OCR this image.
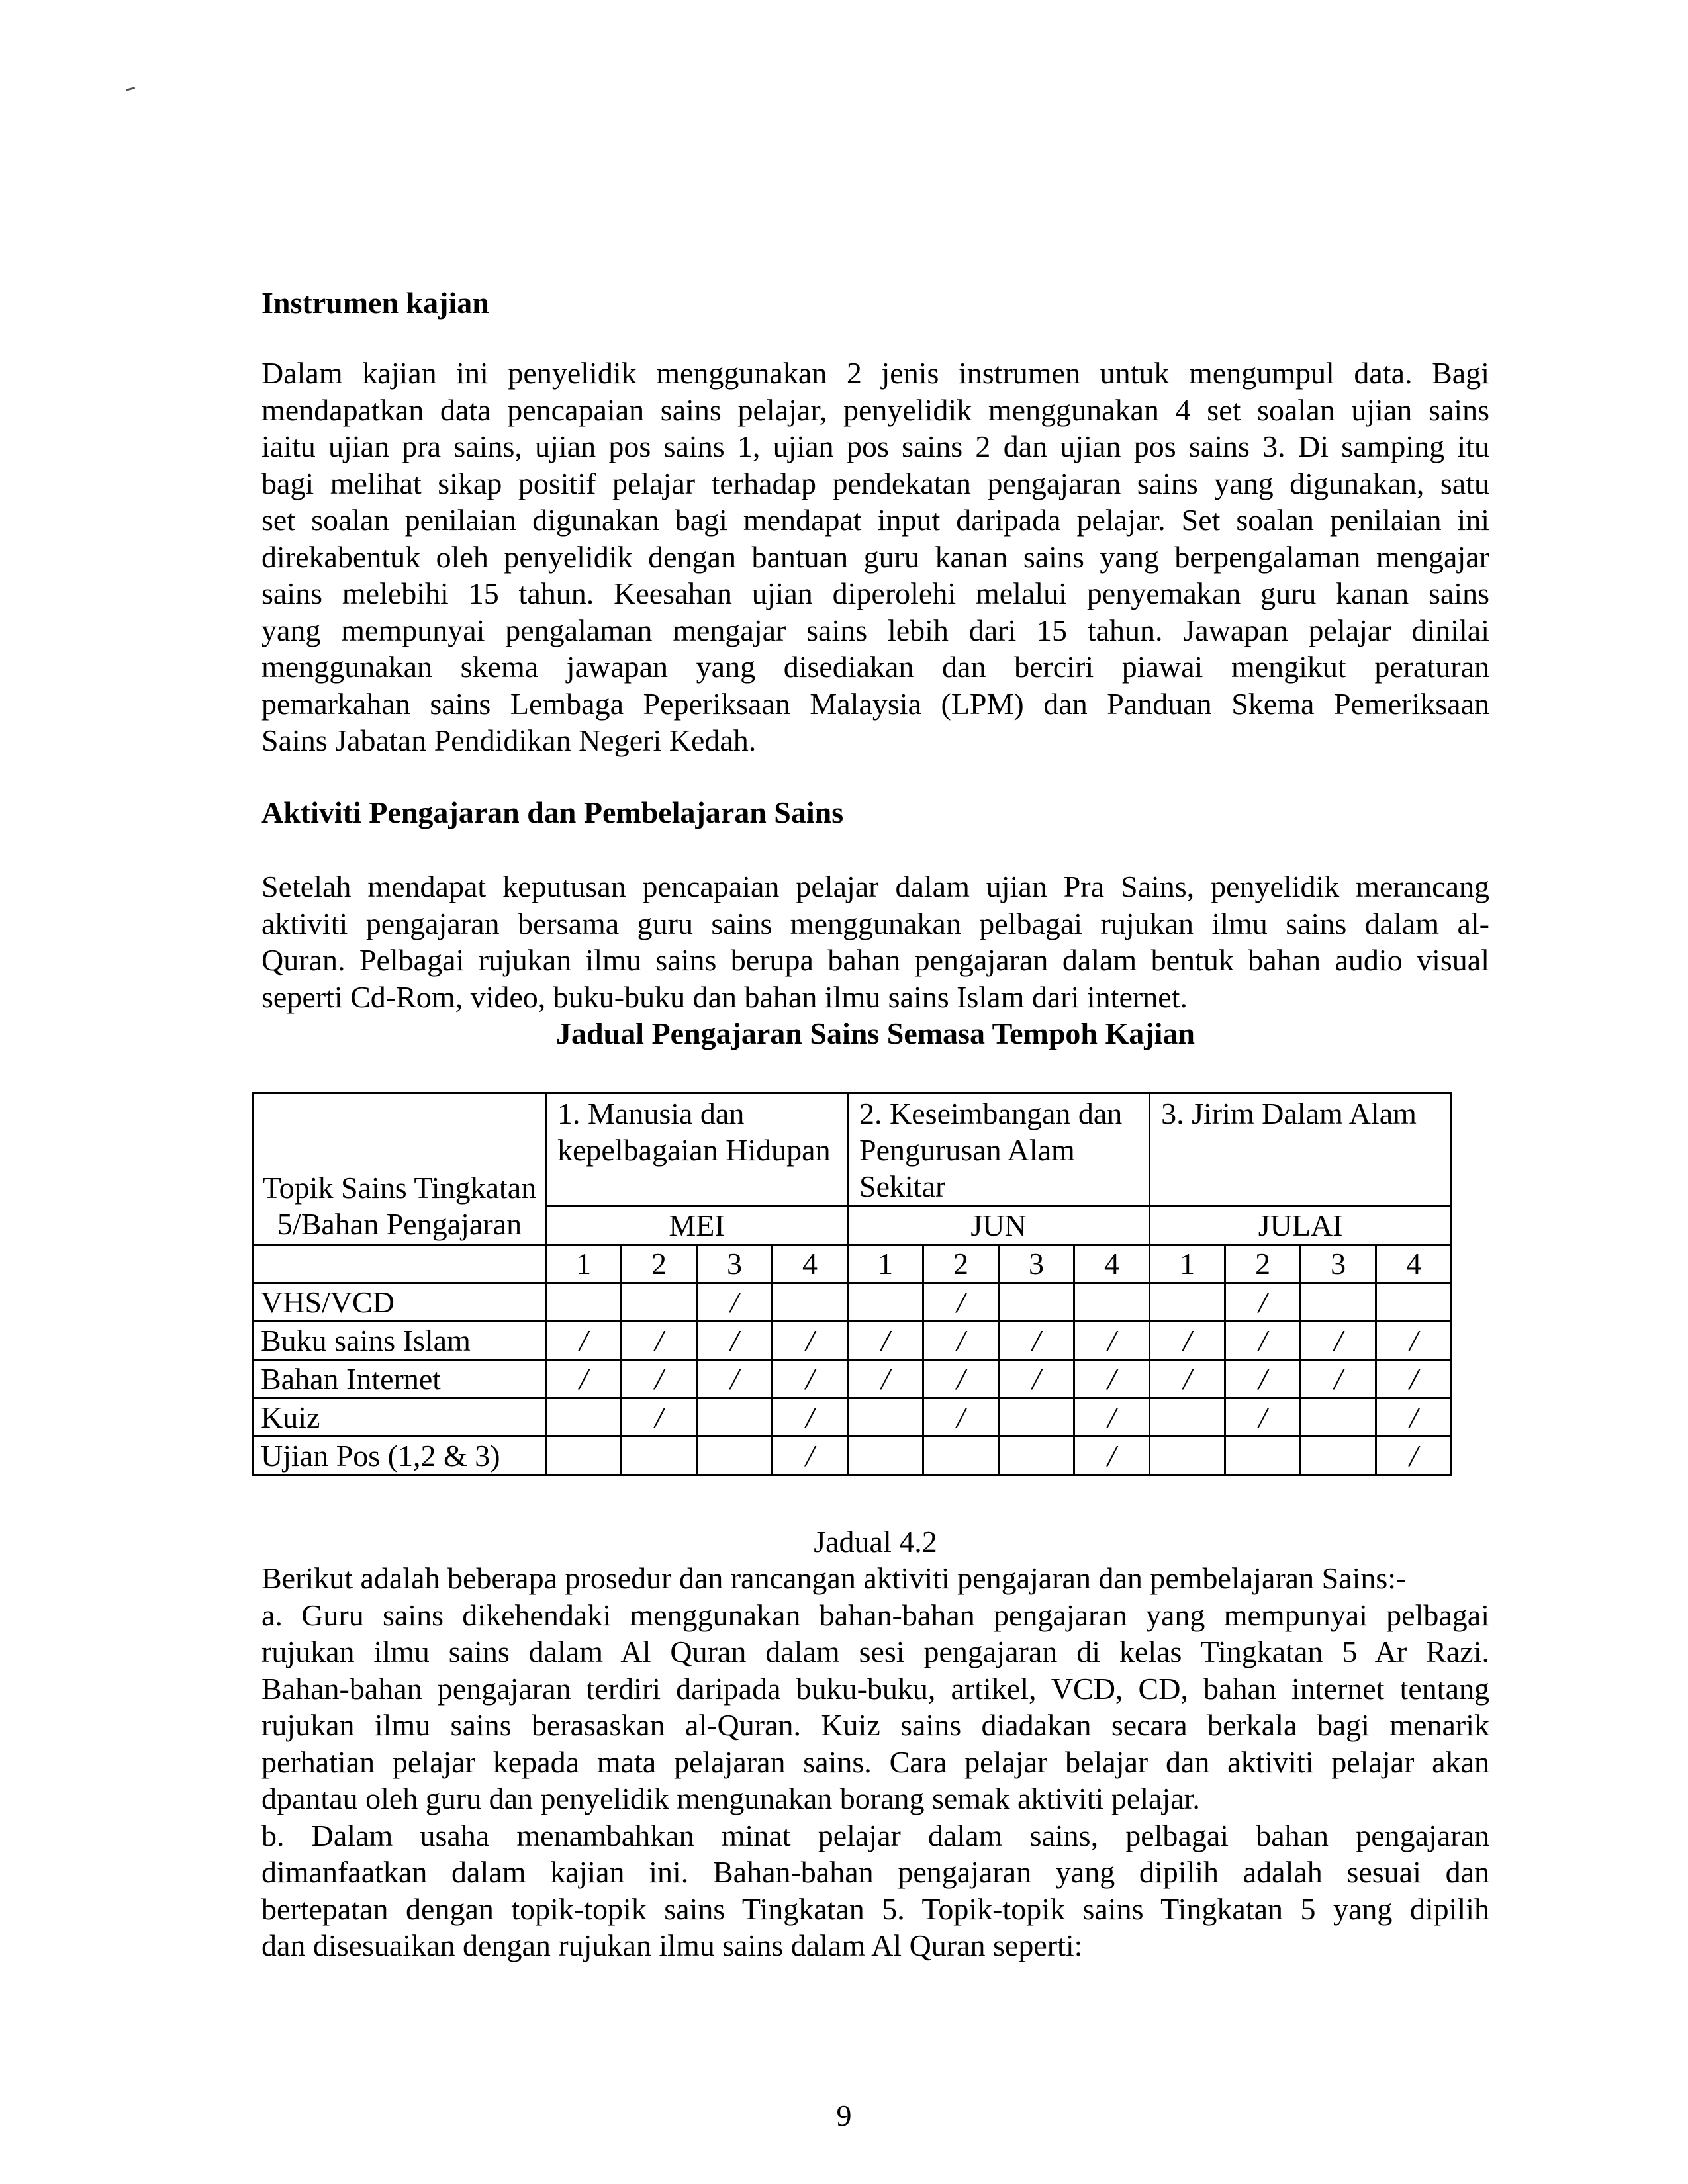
Instrumen kajian
Dalam kajian ini penyelidik menggunakan 2 jenis instrumen untuk mengumpul data. Bagi
mendapatkan data pencapaian sains pelajar, penyelidik menggunakan 4 set soalan ujian sains
iaitu ujian pra sains, ujian pos sains 1, ujian pos sains 2 dan ujian pos sains 3. Di samping itu
bagi melihat sikap positif pelajar terhadap pendekatan pengajaran sains yang digunakan, satu
set soalan penilaian digunakan bagi mendapat input daripada pelajar. Set soalan penilaian ini
direkabentuk oleh penyelidik dengan bantuan guru kanan sains yang berpengalaman mengajar
sains melebihi 15 tahun. Keesahan ujian diperolehi melalui penyemakan guru kanan sains
yang mempunyai pengalaman mengajar sains lebih dari 15 tahun. Jawapan pelajar dinilai
menggunakan skema jawapan yang disediakan dan berciri piawai mengikut peraturan
pemarkahan sains Lembaga Peperiksaan Malaysia (LPM) dan Panduan Skema Pemeriksaan
Sains Jabatan Pendidikan Negeri Kedah.
Aktiviti Pengajaran dan Pembelajaran Sains
Setelah mendapat keputusan pencapaian pelajar dalam ujian Pra Sains, penyelidik merancang
aktiviti pengajaran bersama guru sains menggunakan pelbagai rujukan ilmu sains dalam al-
Quran. Pelbagai rujukan ilmu sains berupa bahan pengajaran dalam bentuk bahan audio visual
seperti Cd-Rom, video, buku-buku dan bahan ilmu sains Islam dari internet.
Jadual Pengajaran Sains Semasa Tempoh Kajian
Jadual 4.2
Berikut adalah beberapa prosedur dan rancangan aktiviti pengajaran dan pembelajaran Sains:-
a. Guru sains dikehendaki menggunakan bahan-bahan pengajaran yang mempunyai pelbagai
rujukan ilmu sains dalam Al Quran dalam sesi pengajaran di kelas Tingkatan 5 Ar Razi.
Bahan-bahan pengajaran terdiri daripada buku-buku, artikel, VCD, CD, bahan internet tentang
rujukan ilmu sains berasaskan al-Quran. Kuiz sains diadakan secara berkala bagi menarik
perhatian pelajar kepada mata pelajaran sains. Cara pelajar belajar dan aktiviti pelajar akan
dpantau oleh guru dan penyelidik mengunakan borang semak aktiviti pelajar.
b. Dalam usaha menambahkan minat pelajar dalam sains, pelbagai bahan pengajaran
dimanfaatkan dalam kajian ini. Bahan-bahan pengajaran yang dipilih adalah sesuai dan
bertepatan dengan topik-topik sains Tingkatan 5. Topik-topik sains Tingkatan 5 yang dipilih
dan disesuaikan dengan rujukan ilmu sains dalam Al Quran seperti:
Topik Sains Tingkatan 5/Bahan Pengajaran	1. Manusia dan kepelbagaian Hidupan				2. Keseimbangan dan Pengurusan Alam Sekitar				3. Jirim Dalam Alam			
	MEI				JUN				JULAI			
	1	2	3	4	1	2	3	4	1	2	3	4
VHS/VCD			/			/				/		
Buku sains Islam	/	/	/	/	/	/	/	/	/	/	/	/
Bahan Internet	/	/	/	/	/	/	/	/	/	/	/	/
Kuiz		/		/		/		/		/		/
Ujian Pos (1,2 & 3)				/				/				/
9
